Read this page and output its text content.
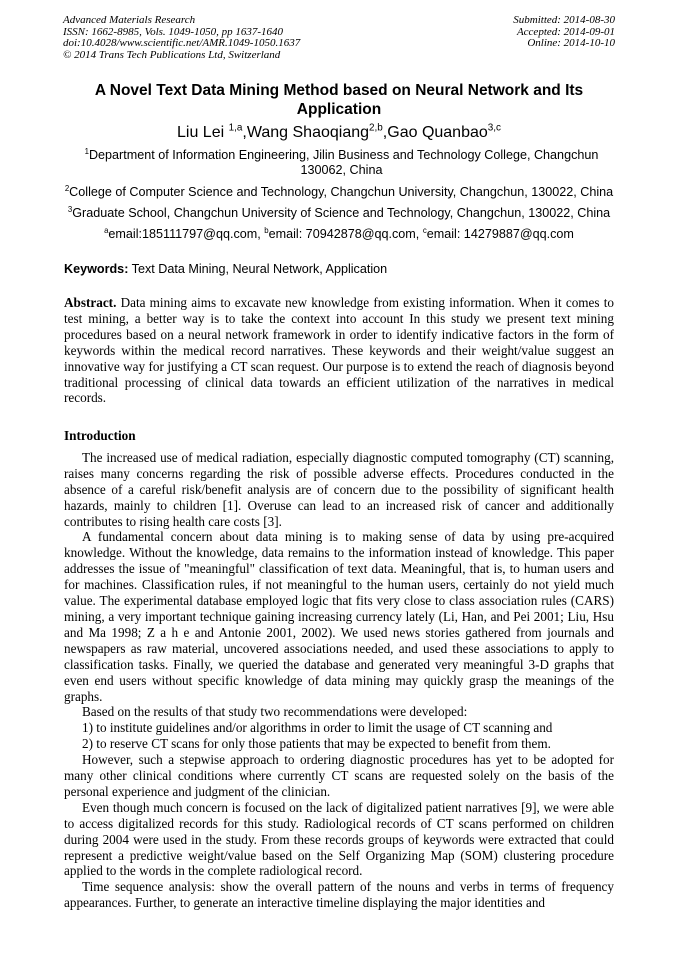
Advanced Materials Research
ISSN: 1662-8985, Vols. 1049-1050, pp 1637-1640
doi:10.4028/www.scientific.net/AMR.1049-1050.1637
© 2014 Trans Tech Publications Ltd, Switzerland
Submitted: 2014-08-30
Accepted: 2014-09-01
Online: 2014-10-10
A Novel Text Data Mining Method based on Neural Network and Its Application
Liu Lei $^{1,a}$,Wang Shaoqiang$^{2,b}$,Gao Quanbao$^{3,c}$
$^1$Department of Information Engineering, Jilin Business and Technology College, Changchun 130062, China
$^2$College of Computer Science and Technology, Changchun University, Changchun, 130022, China
$^3$Graduate School, Changchun University of Science and Technology, Changchun, 130022, China
$^a$email:185111797@qq.com, $^b$email: 70942878@qq.com, $^c$email: 14279887@qq.com
Keywords: Text Data Mining, Neural Network, Application

Abstract. Data mining aims to excavate new knowledge from existing information. When it comes to test mining, a better way is to take the context into account In this study we present text mining procedures based on a neural network framework in order to identify indicative factors in the form of keywords within the medical record narratives. These keywords and their weight/value suggest an innovative way for justifying a CT scan request. Our purpose is to extend the reach of diagnosis beyond traditional processing of clinical data towards an efficient utilization of the narratives in medical records.

Introduction

The increased use of medical radiation, especially diagnostic computed tomography (CT) scanning, raises many concerns regarding the risk of possible adverse effects. Procedures conducted in the absence of a careful risk/benefit analysis are of concern due to the possibility of significant health hazards, mainly to children [1]. Overuse can lead to an increased risk of cancer and additionally contributes to rising health care costs [3].

A fundamental concern about data mining is to making sense of data by using pre-acquired knowledge. Without the knowledge, data remains to the information instead of knowledge. This paper addresses the issue of "meaningful" classification of text data. Meaningful, that is, to human users and for machines. Classification rules, if not meaningful to the human users, certainly do not yield much value. The experimental database employed logic that fits very close to class association rules (CARS) mining, a very important technique gaining increasing currency lately (Li, Han, and Pei 2001; Liu, Hsu and Ma 1998; Z a h e and Antonie 2001, 2002). We used news stories gathered from journals and newspapers as raw material, uncovered associations needed, and used these associations to apply to classification tasks. Finally, we queried the database and generated very meaningful 3-D graphs that even end users without specific knowledge of data mining may quickly grasp the meanings of the graphs.

Based on the results of that study two recommendations were developed:

1) to institute guidelines and/or algorithms in order to limit the usage of CT scanning and

2) to reserve CT scans for only those patients that may be expected to benefit from them.

However, such a stepwise approach to ordering diagnostic procedures has yet to be adopted for many other clinical conditions where currently CT scans are requested solely on the basis of the personal experience and judgment of the clinician.

Even though much concern is focused on the lack of digitalized patient narratives [9], we were able to access digitalized records for this study. Radiological records of CT scans performed on children during 2004 were used in the study. From these records groups of keywords were extracted that could represent a predictive weight/value based on the Self Organizing Map (SOM) clustering procedure applied to the words in the complete radiological record.

Time sequence analysis: show the overall pattern of the nouns and verbs in terms of frequency appearances. Further, to generate an interactive timeline displaying the major identities and
